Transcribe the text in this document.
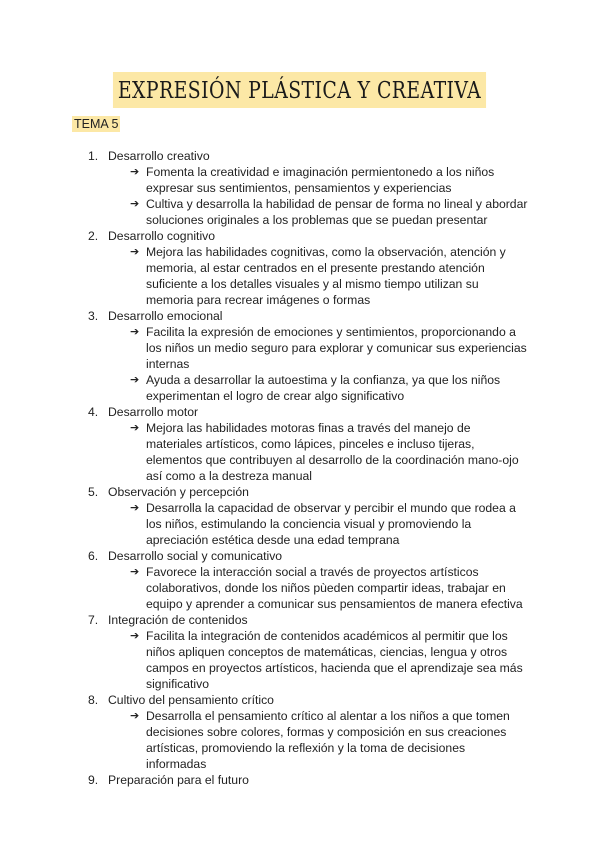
EXPRESIÓN PLÁSTICA Y CREATIVA
TEMA 5
1. Desarrollo creativo
➔ Fomenta la creatividad e imaginación permientonedo a los niños expresar sus sentimientos, pensamientos y experiencias
➔ Cultiva y desarrolla la habilidad de pensar de forma no lineal y abordar soluciones originales a los problemas que se puedan presentar
2. Desarrollo cognitivo
➔ Mejora las habilidades cognitivas, como la observación, atención y memoria, al estar centrados en el presente prestando atención suficiente a los detalles visuales y al mismo tiempo utilizan su memoria para recrear imágenes o formas
3. Desarrollo emocional
➔ Facilita la expresión de emociones y sentimientos, proporcionando a los niños un medio seguro para explorar y comunicar sus experiencias internas
➔ Ayuda a desarrollar la autoestima y la confianza, ya que los niños experimentan el logro de crear algo significativo
4. Desarrollo motor
➔ Mejora las habilidades motoras finas a través del manejo de materiales artísticos, como lápices, pinceles e incluso tijeras, elementos que contribuyen al desarrollo de la coordinación mano-ojo así como a la destreza manual
5. Observación y percepción
➔ Desarrolla la capacidad de observar y percibir el mundo que rodea a los niños, estimulando la conciencia visual y promoviendo la apreciación estética desde una edad temprana
6. Desarrollo social y comunicativo
➔ Favorece la interacción social a través de proyectos artísticos colaborativos, donde los niños pùeden compartir ideas, trabajar en equipo y aprender a comunicar sus pensamientos de manera efectiva
7. Integración de contenidos
➔ Facilita la integración de contenidos académicos al permitir que los niños apliquen conceptos de matemáticas, ciencias, lengua y otros campos en proyectos artísticos, hacienda que el aprendizaje sea más significativo
8. Cultivo del pensamiento crítico
➔ Desarrolla el pensamiento crítico al alentar a los niños a que tomen decisiones sobre colores, formas y composición en sus creaciones artísticas, promoviendo la reflexión y la toma de decisiones informadas
9. Preparación para el futuro
